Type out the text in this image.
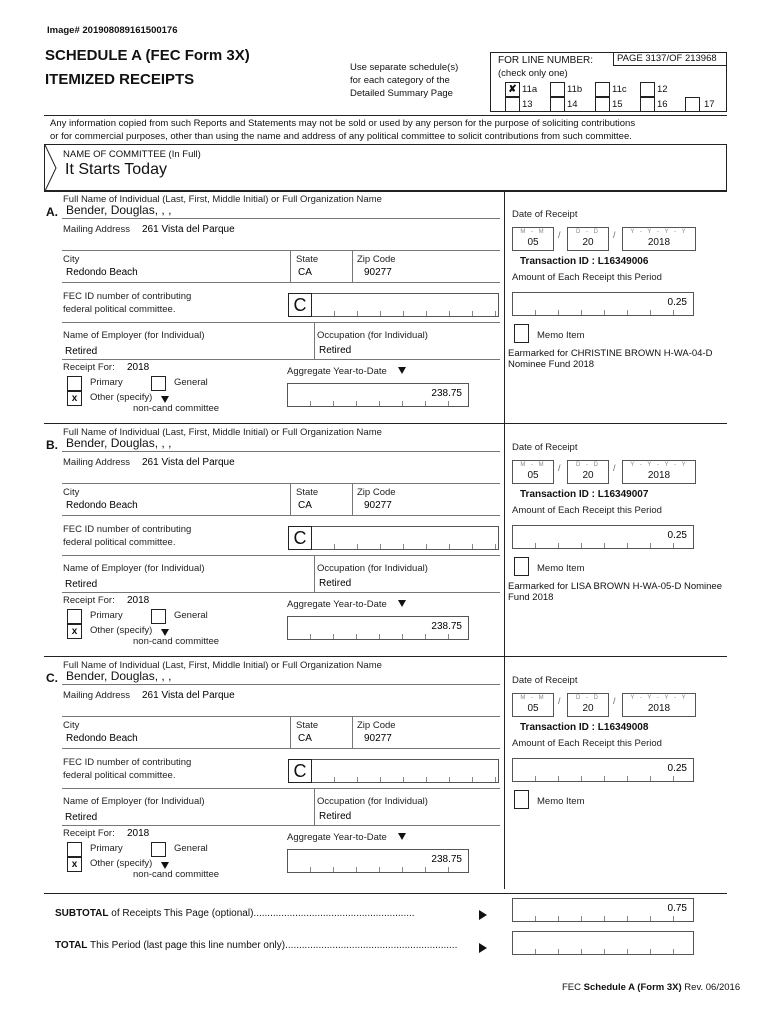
Image# 201908089161500176
SCHEDULE A (FEC Form 3X)
ITEMIZED RECEIPTS
Use separate schedule(s)
for each category of the
Detailed Summary Page
FOR LINE NUMBER:
(check only one)
PAGE 3137/OF 213968
✘ 11a	11b	11c	12
13	14	15	16	17
Any information copied from such Reports and Statements may not be sold or used by any person for the purpose of soliciting contributions
or for commercial purposes, other than using the name and address of any political committee to solicit contributions from such committee.
NAME OF COMMITTEE (In Full)
It Starts Today
Full Name of Individual (Last, First, Middle Initial) or Full Organization Name
A. Bender, Douglas, , ,
Mailing Address 261 Vista del Parque
City
Redondo Beach
State
CA
Zip Code
90277
FEC ID number of contributing
federal political committee.	C
Name of Employer (for Individual)
Retired
Occupation (for Individual)
Retired
Receipt For: 2018
Primary	General
x	Other (specify)
non-cand committee
Aggregate Year-to-Date
238.75
Date of Receipt
M - M
05
/	D - D
20
/	Y - Y - Y - Y
2018
Transaction ID : L16349006
Amount of Each Receipt this Period
0.25
Memo Item
Earmarked for CHRISTINE BROWN H-WA-04-D
Nominee Fund 2018
Full Name of Individual (Last, First, Middle Initial) or Full Organization Name
B. Bender, Douglas, , ,
Mailing Address 261 Vista del Parque
City
Redondo Beach
State
CA
Zip Code
90277
FEC ID number of contributing
federal political committee.	C
Name of Employer (for Individual)
Retired
Occupation (for Individual)
Retired
Receipt For: 2018
Primary	General
x	Other (specify)
non-cand committee
Aggregate Year-to-Date
238.75
Date of Receipt
M - M
05
/	D - D
20
/	Y - Y - Y - Y
2018
Transaction ID : L16349007
Amount of Each Receipt this Period
0.25
Memo Item
Earmarked for LISA BROWN H-WA-05-D Nominee
Fund 2018
Full Name of Individual (Last, First, Middle Initial) or Full Organization Name
C. Bender, Douglas, , ,
Mailing Address 261 Vista del Parque
City
Redondo Beach
State
CA
Zip Code
90277
FEC ID number of contributing
federal political committee.	C
Name of Employer (for Individual)
Retired
Occupation (for Individual)
Retired
Receipt For: 2018
Primary	General
x	Other (specify)
non-cand committee
Aggregate Year-to-Date
238.75
Date of Receipt
M - M
05
/	D - D
20
/	Y - Y - Y - Y
2018
Transaction ID : L16349008
Amount of Each Receipt this Period
0.25
Memo Item
SUBTOTAL of Receipts This Page (optional)..........................................................	0.75
TOTAL This Period (last page this line number only)..............................................................
FEC Schedule A (Form 3X) Rev. 06/2016
